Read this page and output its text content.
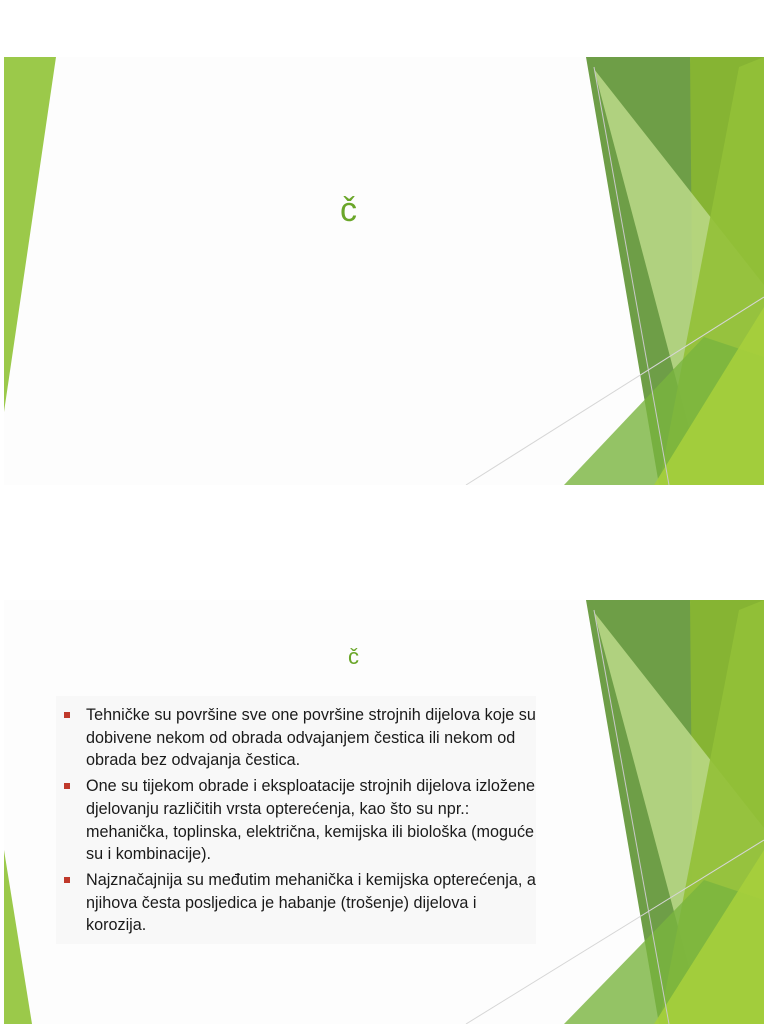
č
č
Tehničke su površine sve one površine strojnih dijelova koje su dobivene nekom od obrada odvajanjem čestica ili nekom od obrada bez odvajanja čestica.
One su tijekom obrade i eksploatacije strojnih dijelova izložene djelovanju različitih vrsta opterećenja, kao što su npr.: mehanička, toplinska, električna, kemijska ili biološka (moguće su i kombinacije).
Najznačajnija su međutim mehanička i kemijska opterećenja, a njihova česta posljedica je habanje (trošenje) dijelova i korozija.
